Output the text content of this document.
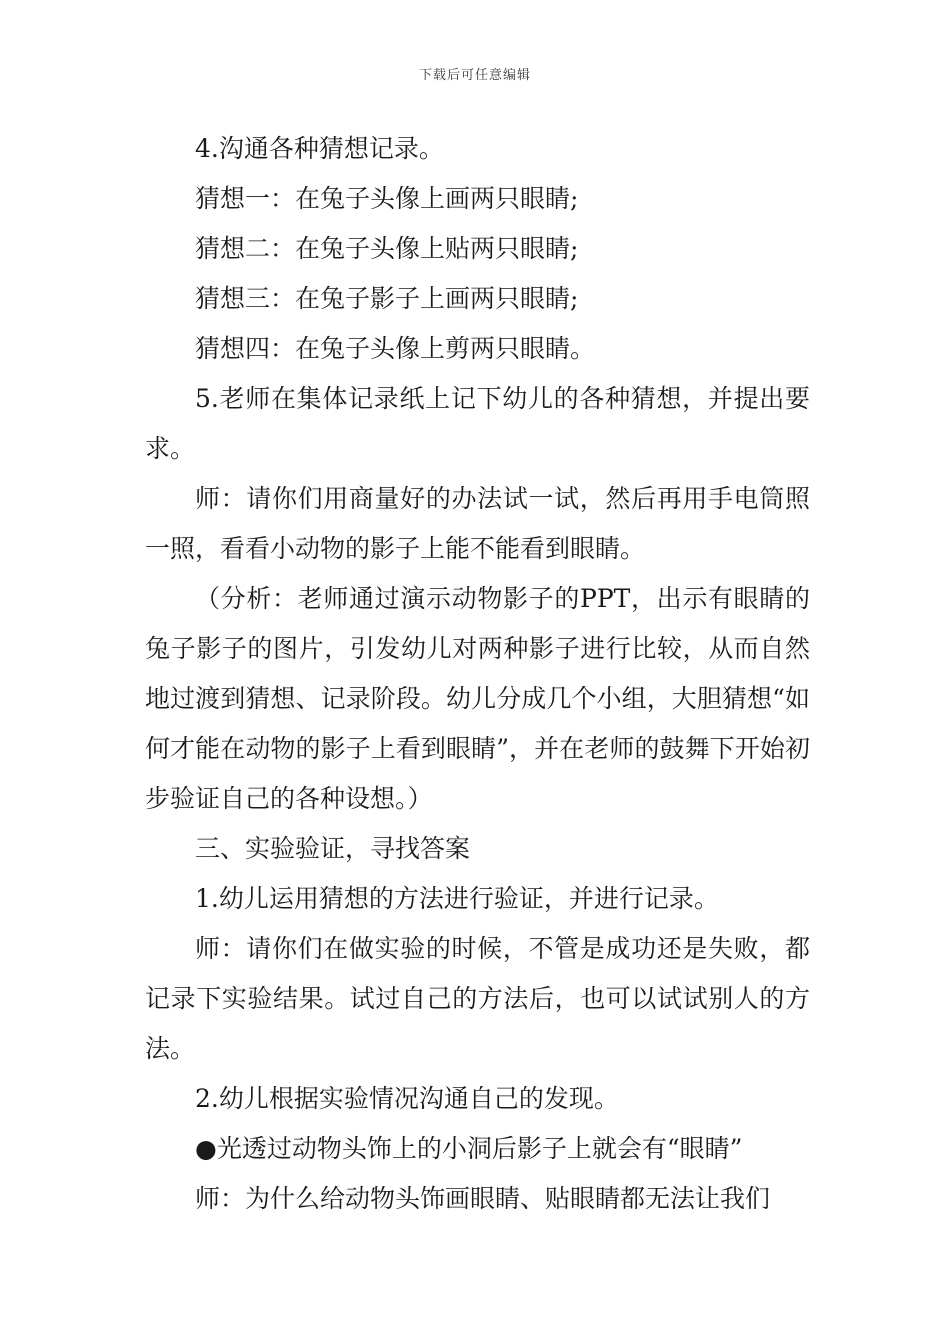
下载后可任意编辑

4.沟通各种猜想记录。

猜想一：在兔子头像上画两只眼睛;

猜想二：在兔子头像上贴两只眼睛;

猜想三：在兔子影子上画两只眼睛;

猜想四：在兔子头像上剪两只眼睛。

5.老师在集体记录纸上记下幼儿的各种猜想，并提出要求。

师：请你们用商量好的办法试一试，然后再用手电筒照一照，看看小动物的影子上能不能看到眼睛。

（分析：老师通过演示动物影子的PPT，出示有眼睛的兔子影子的图片，引发幼儿对两种影子进行比较，从而自然地过渡到猜想、记录阶段。幼儿分成几个小组，大胆猜想“如何才能在动物的影子上看到眼睛”，并在老师的鼓舞下开始初步验证自己的各种设想。）

三、实验验证，寻找答案

1.幼儿运用猜想的方法进行验证，并进行记录。

师：请你们在做实验的时候，不管是成功还是失败，都记录下实验结果。试过自己的方法后，也可以试试别人的方法。

2.幼儿根据实验情况沟通自己的发现。

●光透过动物头饰上的小洞后影子上就会有“眼睛”

师：为什么给动物头饰画眼睛、贴眼睛都无法让我们
